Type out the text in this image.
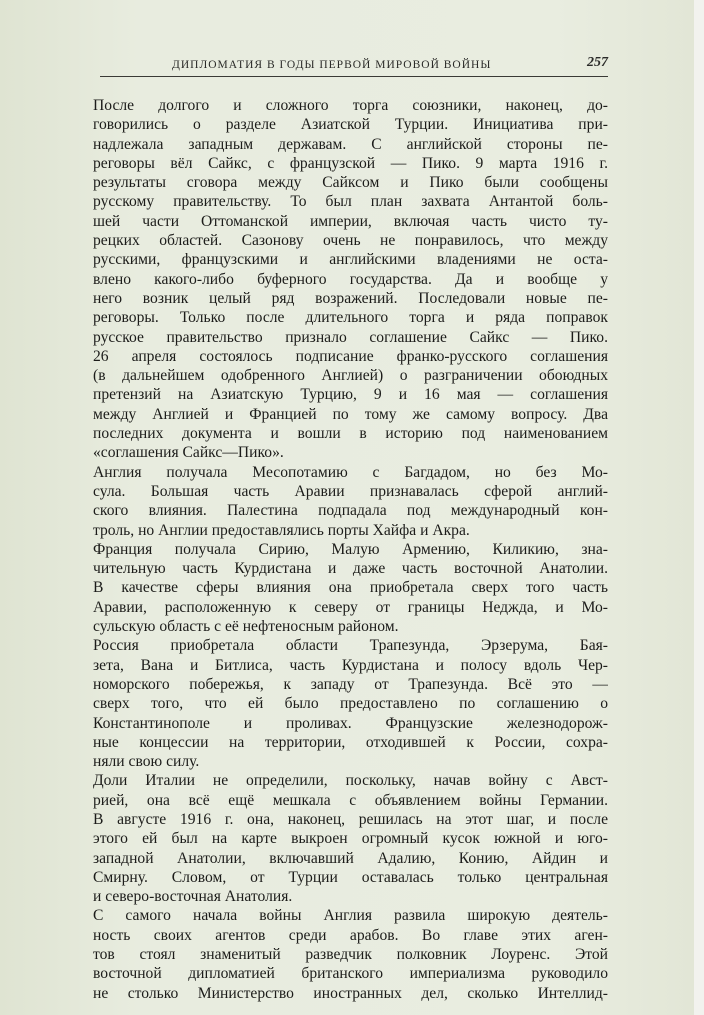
ДИПЛОМАТИЯ В ГОДЫ ПЕРВОЙ МИРОВОЙ ВОЙНЫ	257

После долгого и сложного торга союзники, наконец, до-
говорились о разделе Азиатской Турции. Инициатива при-
надлежала западным державам. С английской стороны пе-
реговоры вёл Сайкс, с французской — Пико. 9 марта 1916 г.
результаты сговора между Сайксом и Пико были сообщены
русскому правительству. То был план захвата Антантой боль-
шей части Оттоманской империи, включая часть чисто ту-
рецких областей. Сазонову очень не понравилось, что между
русскими, французскими и английскими владениями не оста-
влено какого-либо буферного государства. Да и вообще у
него возник целый ряд возражений. Последовали новые пе-
реговоры. Только после длительного торга и ряда поправок
русское правительство признало соглашение Сайкс — Пико.
26 апреля состоялось подписание франко-русского соглашения
(в дальнейшем одобренного Англией) о разграничении обоюдных
претензий на Азиатскую Турцию, 9 и 16 мая — соглашения
между Англией и Францией по тому же самому вопросу. Два
последних документа и вошли в историю под наименованием
«соглашения Сайкс—Пико».

Англия получала Месопотамию с Багдадом, но без Мо-
сула. Большая часть Аравии признавалась сферой англий-
ского влияния. Палестина подпадала под международный кон-
троль, но Англии предоставлялись порты Хайфа и Акра.

Франция получала Сирию, Малую Армению, Киликию, зна-
чительную часть Курдистана и даже часть восточной Анатолии.
В качестве сферы влияния она приобретала сверх того часть
Аравии, расположенную к северу от границы Неджда, и Мо-
сульскую область с её нефтеносным районом.

Россия приобретала области Трапезунда, Эрзерума, Бая-
зета, Вана и Битлиса, часть Курдистана и полосу вдоль Чер-
номорского побережья, к западу от Трапезунда. Всё это —
сверх того, что ей было предоставлено по соглашению о
Константинополе и проливах. Французские железнодорож-
ные концессии на территории, отходившей к России, сохра-
няли свою силу.

Доли Италии не определили, поскольку, начав войну с Авст-
рией, она всё ещё мешкала с объявлением войны Германии.
В августе 1916 г. она, наконец, решилась на этот шаг, и после
этого ей был на карте выкроен огромный кусок южной и юго-
западной Анатолии, включавший Адалию, Конию, Айдин и
Смирну. Словом, от Турции оставалась только центральная
и северо-восточная Анатолия.

С самого начала войны Англия развила широкую деятель-
ность своих агентов среди арабов. Во главе этих аген-
тов стоял знаменитый разведчик полковник Лоуренс. Этой
восточной дипломатией британского империализма руководило
не столько Министерство иностранных дел, сколько Интеллид-
